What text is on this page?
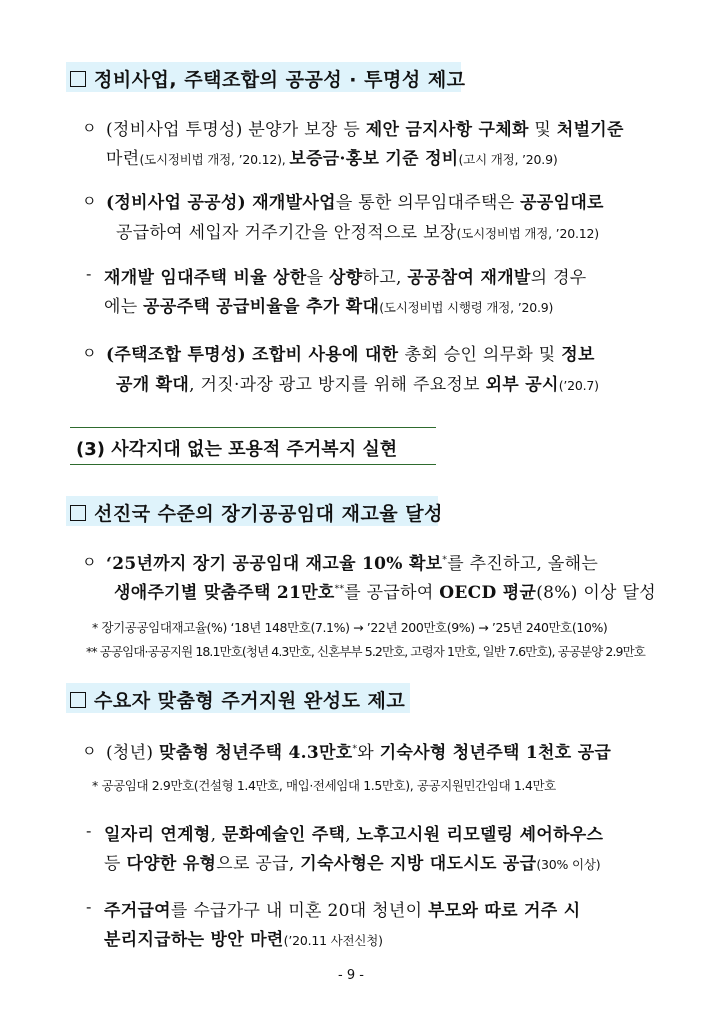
정비사업, 주택조합의 공공성 · 투명성 제고
ㅇ (정비사업 투명성) 분양가 보장 등 제안 금지사항 구체화 및 처벌기준
마련(도시정비법 개정, ’20.12), 보증금·홍보 기준 정비(고시 개정, ’20.9)
ㅇ (정비사업 공공성) 재개발사업을 통한 의무임대주택은 공공임대로
공급하여 세입자 거주기간을 안정적으로 보장(도시정비법 개정, ’20.12)
- 재개발 임대주택 비율 상한을 상향하고, 공공참여 재개발의 경우
에는 공공주택 공급비율을 추가 확대(도시정비법 시행령 개정, ’20.9)
ㅇ (주택조합 투명성) 조합비 사용에 대한 총회 승인 의무화 및 정보
공개 확대, 거짓·과장 광고 방지를 위해 주요정보 외부 공시(’20.7)
(3) 사각지대 없는 포용적 주거복지 실현
선진국 수준의 장기공공임대 재고율 달성
ㅇ ‘25년까지 장기 공공임대 재고율 10% 확보*를 추진하고, 올해는
생애주기별 맞춤주택 21만호**를 공급하여 OECD 평균(8%) 이상 달성
* 장기공공임대재고율(%) ‘18년 148만호(7.1%) → ’22년 200만호(9%) → ’25년 240만호(10%)
** 공공임대·공공지원 18.1만호(청년 4.3만호, 신혼부부 5.2만호, 고령자 1만호, 일반 7.6만호), 공공분양 2.9만호
수요자 맞춤형 주거지원 완성도 제고
ㅇ (청년) 맞춤형 청년주택 4.3만호*와 기숙사형 청년주택 1천호 공급
* 공공임대 2.9만호(건설형 1.4만호, 매입·전세임대 1.5만호), 공공지원민간임대 1.4만호
- 일자리 연계형, 문화예술인 주택, 노후고시원 리모델링 셰어하우스
등 다양한 유형으로 공급, 기숙사형은 지방 대도시도 공급(30% 이상)
- 주거급여를 수급가구 내 미혼 20대 청년이 부모와 따로 거주 시
분리지급하는 방안 마련(’20.11 사전신청)
- 9 -
